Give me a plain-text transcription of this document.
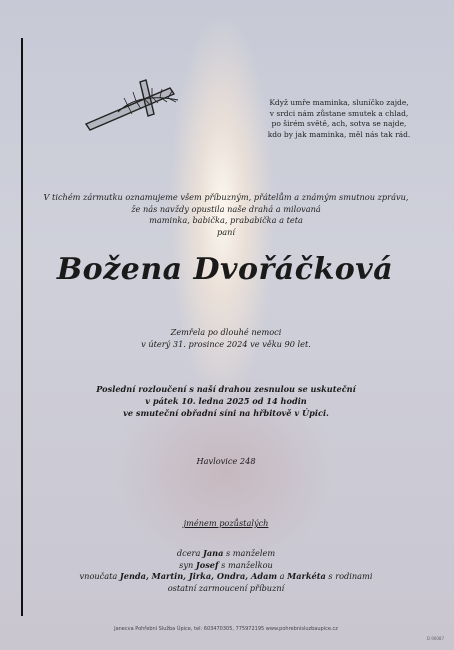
Když umře maminka, sluníčko zajde,
v srdci nám zůstane smutek a chlad,
po širém světě, ach, sotva se najde,
kdo by jak maminka, měl nás tak rád.
V tichém zármutku oznamujeme všem příbuzným, přátelům a známým smutnou zprávu,
že nás navždy opustila naše drahá a milovaná
maminka, babička, prababička a teta
paní
Božena Dvořáčková
Zemřela po dlouhé nemoci
v úterý 31. prosince 2024 ve věku 90 let.
Poslední rozloučení s naší drahou zesnulou se uskuteční
v pátek 10. ledna 2025 od 14 hodin
ve smuteční obřadní síni na hřbitově v Úpici.
Havlovice 248
jménem pozůstalých
dcera Jana s manželem
syn Josef s manželkou
vnoučata Jenda, Martin, Jirka, Ondra, Adam a Markéta s rodinami
ostatní zarmoucení příbuzní
Janecva Pohřební Služba Úpice, tel: 603470305, 775972195 www.pohrebnisluzbaupice.cz
D.96087
